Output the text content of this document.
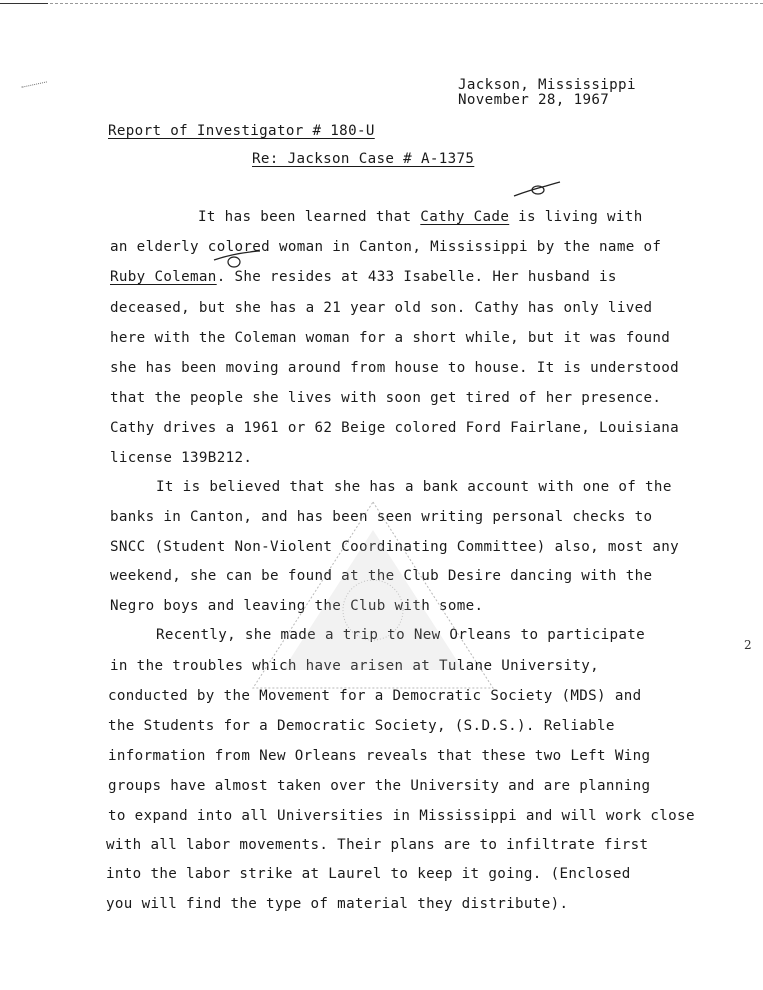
Jackson, Mississippi
November 28, 1967
Report of Investigator # 180-U
Re: Jackson Case # A-1375
It has been learned that Cathy Cade is living with
an elderly colored woman in Canton, Mississippi by the name of
Ruby Coleman. She resides at 433 Isabelle. Her husband is
deceased, but she has a 21 year old son. Cathy has only lived
here with the Coleman woman for a short while, but it was found
she has been moving around from house to house. It is understood
that the people she lives with soon get tired of her presence.
Cathy drives a 1961 or 62 Beige colored Ford Fairlane, Louisiana
license 139B212.
It is believed that she has a bank account with one of the
banks in Canton, and has been seen writing personal checks to
SNCC (Student Non-Violent Coordinating Committee) also, most any
weekend, she can be found at the Club Desire dancing with the
Negro boys and leaving the Club with some.
Recently, she made a trip to New Orleans to participate
in the troubles which have arisen at Tulane University,
conducted by the Movement for a Democratic Society (MDS) and
the Students for a Democratic Society, (S.D.S.). Reliable
information from New Orleans reveals that these two Left Wing
groups have almost taken over the University and are planning
to expand into all Universities in Mississippi and will work close
with all labor movements. Their plans are to infiltrate first
into the labor strike at Laurel to keep it going. (Enclosed
you will find the type of material they distribute).
2
